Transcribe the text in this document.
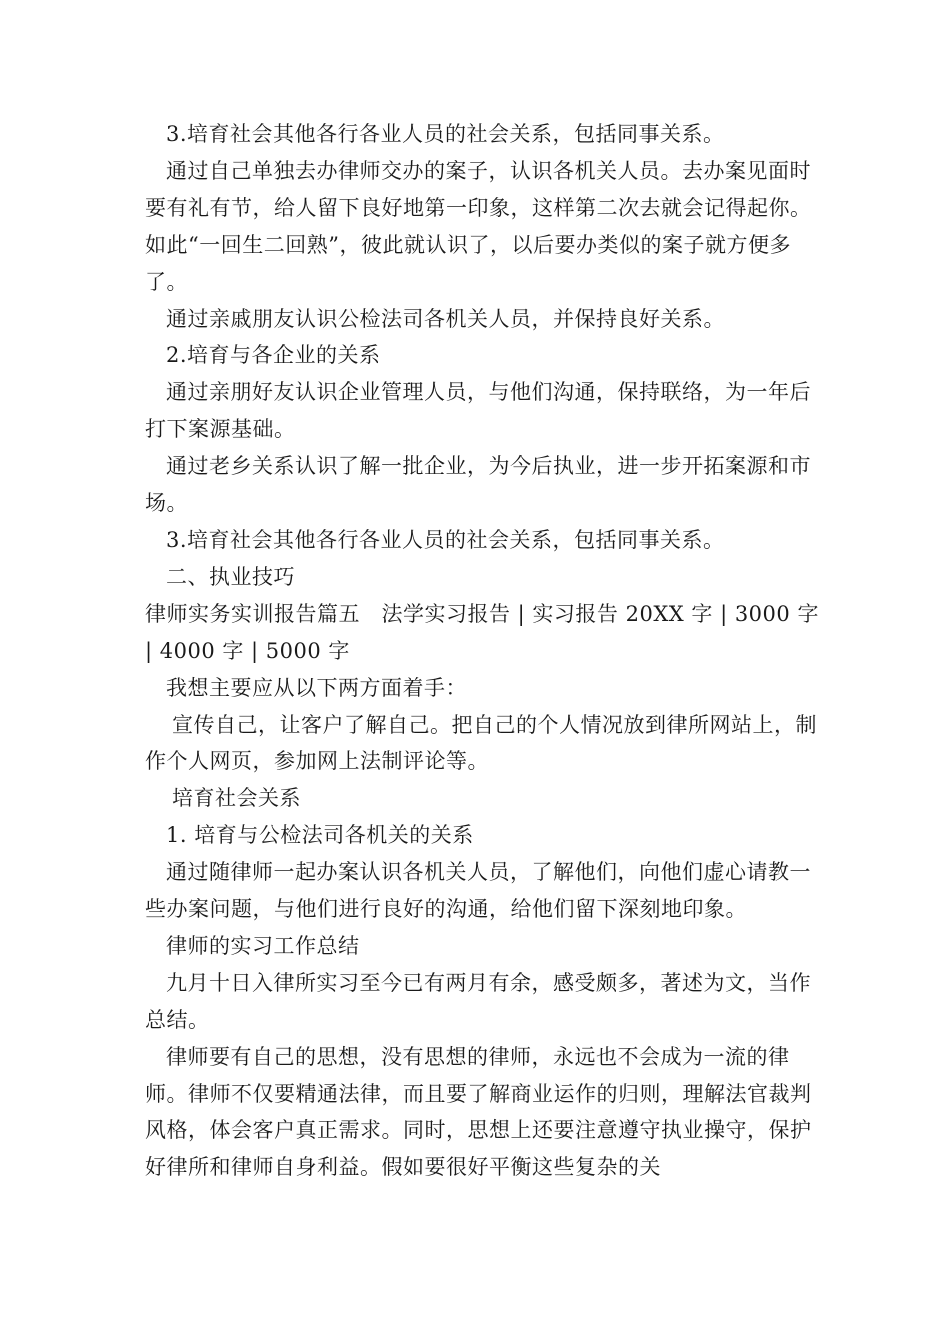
3.培育社会其他各行各业人员的社会关系，包括同事关系。

通过自己单独去办律师交办的案子，认识各机关人员。去办案见面时要有礼有节，给人留下良好地第一印象，这样第二次去就会记得起你。如此“一回生二回熟”，彼此就认识了，以后要办类似的案子就方便多了。

通过亲戚朋友认识公检法司各机关人员，并保持良好关系。

2.培育与各企业的关系

通过亲朋好友认识企业管理人员，与他们沟通，保持联络，为一年后打下案源基础。

通过老乡关系认识了解一批企业，为今后执业，进一步开拓案源和市场。

3.培育社会其他各行各业人员的社会关系，包括同事关系。

二、执业技巧

律师实务实训报告篇五　法学实习报告 | 实习报告 20XX 字 | 3000 字 | 4000 字 | 5000 字

我想主要应从以下两方面着手：

宣传自己，让客户了解自己。把自己的个人情况放到律所网站上，制作个人网页，参加网上法制评论等。

培育社会关系

1. 培育与公检法司各机关的关系

通过随律师一起办案认识各机关人员，了解他们，向他们虚心请教一些办案问题，与他们进行良好的沟通，给他们留下深刻地印象。

律师的实习工作总结

九月十日入律所实习至今已有两月有余，感受颇多，著述为文，当作总结。

律师要有自己的思想，没有思想的律师，永远也不会成为一流的律师。律师不仅要精通法律，而且要了解商业运作的归则，理解法官裁判风格，体会客户真正需求。同时，思想上还要注意遵守执业操守，保护好律所和律师自身利益。假如要很好平衡这些复杂的关
